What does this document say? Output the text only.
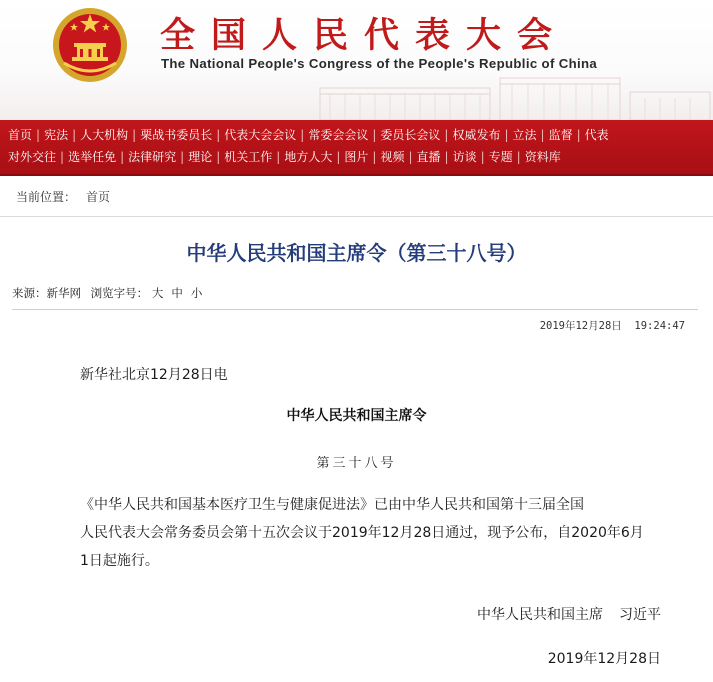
全国人民代表大会
The National People's Congress of the People's Republic of China
首页 | 宪法 | 人大机构 | 栗战书委员长 | 代表大会会议 | 常委会会议 | 委员长会议 | 权威发布 | 立法 | 监督 | 代表
对外交往 | 选举任免 | 法律研究 | 理论 | 机关工作 | 地方人大 | 图片 | 视频 | 直播 | 访谈 | 专题 | 资料库
当前位置： 首页
中华人民共和国主席令（第三十八号）
来源：新华网 浏览字号： 大 中 小
2019年12月28日  19:24:47
新华社北京12月28日电
中华人民共和国主席令
第三十八号
《中华人民共和国基本医疗卫生与健康促进法》已由中华人民共和国第十三届全国
人民代表大会常务委员会第十五次会议于2019年12月28日通过，现予公布，自2020年6月
1日起施行。
中华人民共和国主席 习近平
2019年12月28日
